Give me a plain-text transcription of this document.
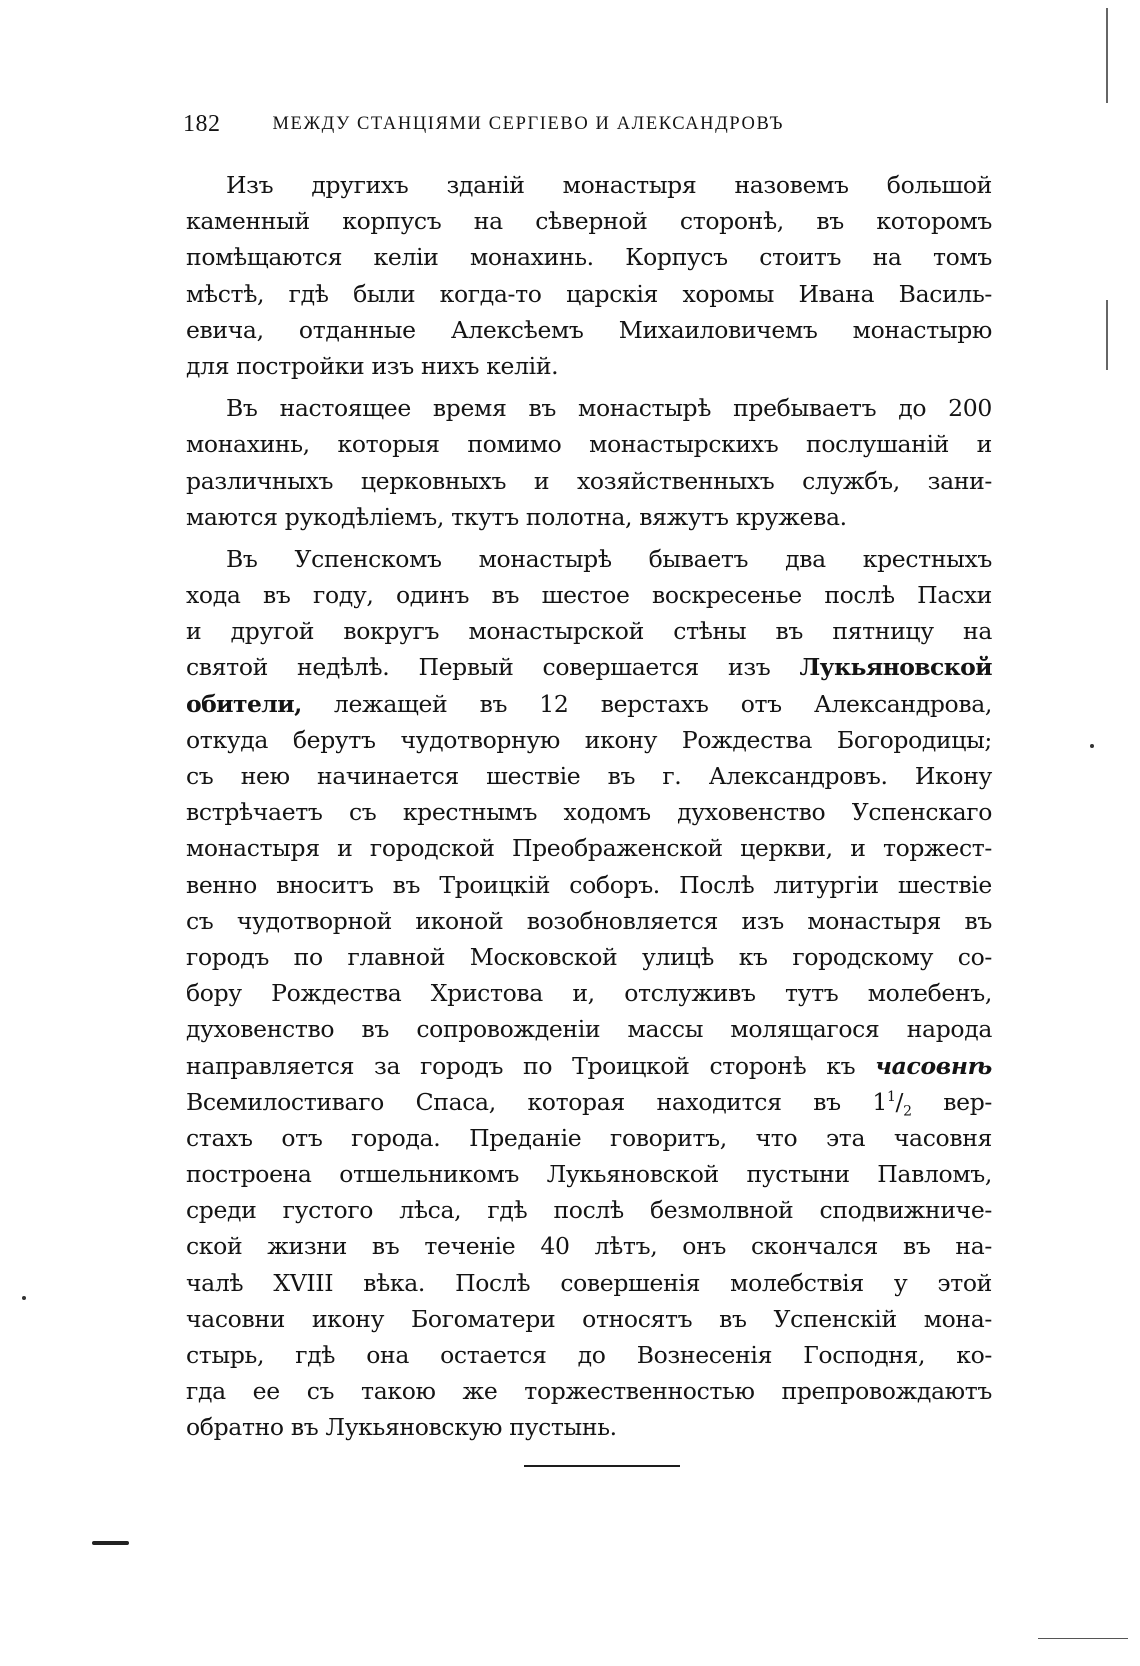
182	МЕЖДУ СТАНЦІЯМИ СЕРГІЕВО И АЛЕКСАНДРОВЪ
Изъ другихъ зданій монастыря назовемъ большой
каменный корпусъ на сѣверной сторонѣ, въ которомъ
помѣщаются келіи монахинь. Корпусъ стоитъ на томъ
мѣстѣ, гдѣ были когда-то царскія хоромы Ивана Василь-
евича, отданные Алексѣемъ Михаиловичемъ монастырю
для постройки изъ нихъ келій.
Въ настоящее время въ монастырѣ пребываетъ до 200
монахинь, которыя помимо монастырскихъ послушаній и
различныхъ церковныхъ и хозяйственныхъ службъ, зани-
маются рукодѣліемъ, ткутъ полотна, вяжутъ кружева.
Въ Успенскомъ монастырѣ бываетъ два крестныхъ
хода въ году, одинъ въ шестое воскресенье послѣ Пасхи
и другой вокругъ монастырской стѣны въ пятницу на
святой недѣлѣ. Первый совершается изъ Лукьяновской
обители, лежащей въ 12 верстахъ отъ Александрова,
откуда берутъ чудотворную икону Рождества Богородицы;
съ нею начинается шествіе въ г. Александровъ. Икону
встрѣчаетъ съ крестнымъ ходомъ духовенство Успенскаго
монастыря и городской Преображенской церкви, и торжест-
венно вноситъ въ Троицкій соборъ. Послѣ литургіи шествіе
съ чудотворной иконой возобновляется изъ монастыря въ
городъ по главной Московской улицѣ къ городскому со-
бору Рождества Христова и, отслуживъ тутъ молебенъ,
духовенство въ сопровожденіи массы молящагося народа
направляется за городъ по Троицкой сторонѣ къ часовнѣ
Всемилостиваго Спаса, которая находится въ $1^1/_2$ вер-
стахъ отъ города. Преданіе говоритъ, что эта часовня
построена отшельникомъ Лукьяновской пустыни Павломъ,
среди густого лѣса, гдѣ послѣ безмолвной сподвижниче-
ской жизни въ теченіе 40 лѣтъ, онъ скончался въ на-
чалѣ XVIII вѣка. Послѣ совершенія молебствія у этой
часовни икону Богоматери относятъ въ Успенскій мона-
стырь, гдѣ она остается до Вознесенія Господня, ко-
гда ее съ такою же торжественностью препровождаютъ
обратно въ Лукьяновскую пустынь.
